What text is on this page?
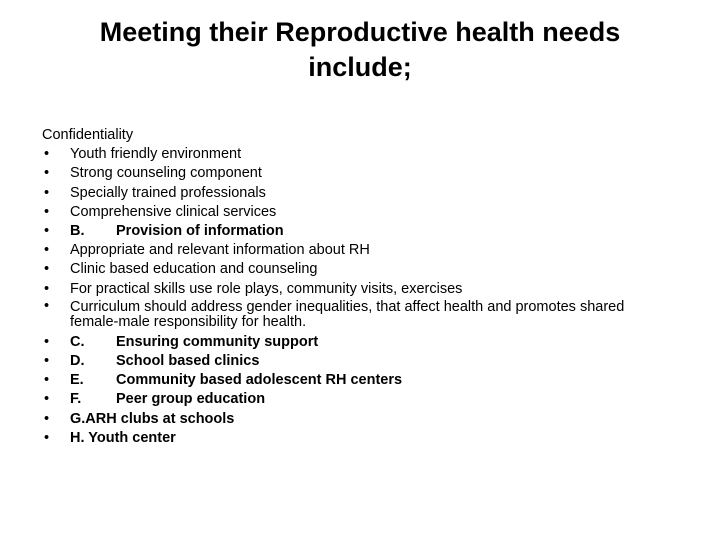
Meeting their Reproductive health needs
include;

Confidentiality

• Youth friendly environment
• Strong counseling component
• Specially trained professionals
• Comprehensive clinical services
• B. Provision of information
• Appropriate and relevant information about RH
• Clinic based education and counseling
• For practical skills use role plays, community visits, exercises
• Curriculum should address gender inequalities, that affect health and promotes shared female-male responsibility for health.
• C. Ensuring community support
• D. School based clinics
• E. Community based adolescent RH centers
• F. Peer group education
• G.ARH clubs at schools
• H. Youth center
